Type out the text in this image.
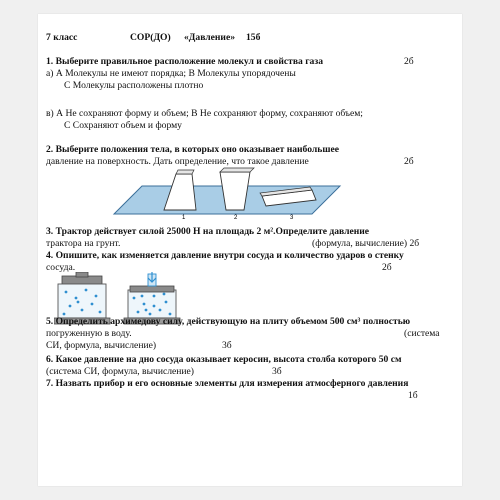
7 класс	СОР(ДО) «Давление» 15б
1. Выберите правильное расположение молекул и свойства газа	2б
а) А Молекулы не имеют порядка; В Молекулы упорядочены
С Молекулы расположены плотно
в) А Не сохраняют форму и объем; В Не сохраняют форму, сохраняют объем;
С Сохраняют объем и форму
2. Выберите положения тела, в которых оно оказывает наибольшее
давление на поверхность. Дать определение, что такое давление	2б
1	2	3
3. Трактор действует силой 25000 Н на площадь 2 м².Определите давление
трактора на грунт.	(формула, вычисление) 2б
4. Опишите, как изменяется давление внутри сосуда и количество ударов о стенку
сосуда.	2б
5. Определить архимедову силу, действующую на плиту объемом 500 см³ полностью
погруженную в воду.	(система
СИ, формула, вычисление)	3б
6. Какое давление на дно сосуда оказывает керосин, высота столба которого 50 см
(система СИ, формула, вычисление)	3б
7. Назвать прибор и его основные элементы для измерения атмосферного давления
1б
